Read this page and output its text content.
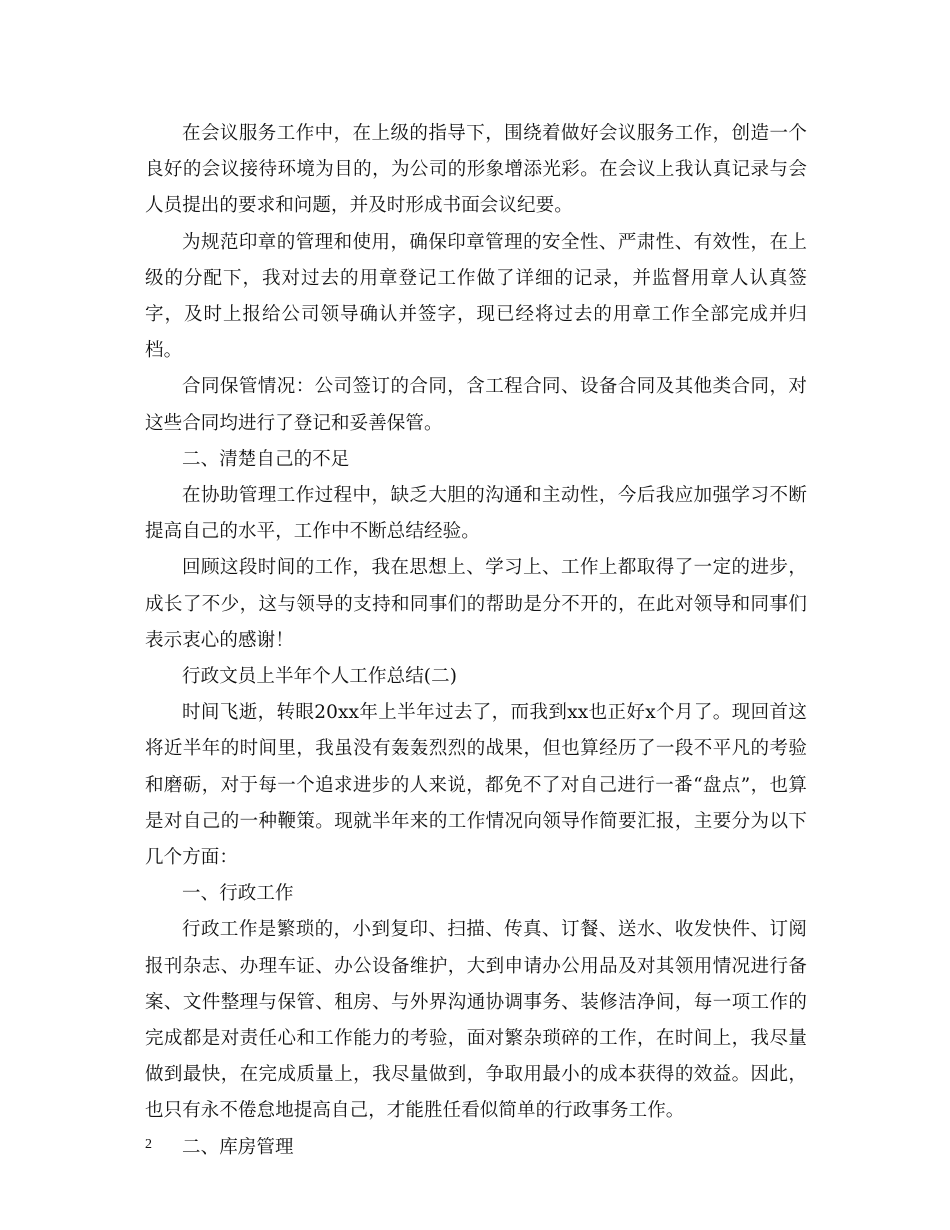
在会议服务工作中，在上级的指导下，围绕着做好会议服务工作，创造一个良好的会议接待环境为目的，为公司的形象增添光彩。在会议上我认真记录与会人员提出的要求和问题，并及时形成书面会议纪要。

为规范印章的管理和使用，确保印章管理的安全性、严肃性、有效性，在上级的分配下，我对过去的用章登记工作做了详细的记录，并监督用章人认真签字，及时上报给公司领导确认并签字，现已经将过去的用章工作全部完成并归档。

合同保管情况：公司签订的合同，含工程合同、设备合同及其他类合同，对这些合同均进行了登记和妥善保管。

二、清楚自己的不足

在协助管理工作过程中，缺乏大胆的沟通和主动性，今后我应加强学习不断提高自己的水平，工作中不断总结经验。

回顾这段时间的工作，我在思想上、学习上、工作上都取得了一定的进步，成长了不少，这与领导的支持和同事们的帮助是分不开的，在此对领导和同事们表示衷心的感谢！

行政文员上半年个人工作总结(二)

时间飞逝，转眼20xx年上半年过去了，而我到xx也正好x个月了。现回首这将近半年的时间里，我虽没有轰轰烈烈的战果，但也算经历了一段不平凡的考验和磨砺，对于每一个追求进步的人来说，都免不了对自己进行一番“盘点”，也算是对自己的一种鞭策。现就半年来的工作情况向领导作简要汇报，主要分为以下几个方面：

一、行政工作

行政工作是繁琐的，小到复印、扫描、传真、订餐、送水、收发快件、订阅报刊杂志、办理车证、办公设备维护，大到申请办公用品及对其领用情况进行备案、文件整理与保管、租房、与外界沟通协调事务、装修洁净间，每一项工作的完成都是对责任心和工作能力的考验，面对繁杂琐碎的工作，在时间上，我尽量做到最快，在完成质量上，我尽量做到，争取用最小的成本获得的效益。因此，也只有永不倦怠地提高自己，才能胜任看似简单的行政事务工作。

二、库房管理

2
